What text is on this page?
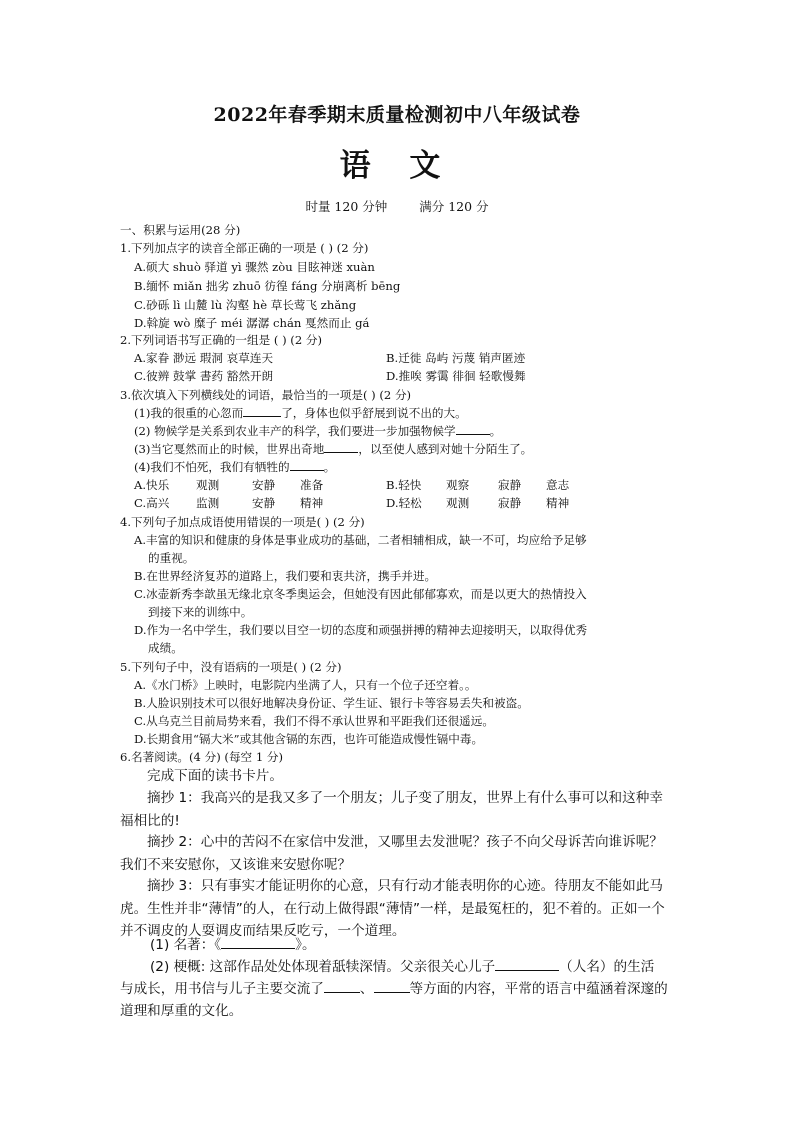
2022年春季期末质量检测初中八年级试卷
语 文
时量 120 分钟	满分 120 分
一、积累与运用(28 分)
1.下列加点字的读音全部正确的一项是 ( ) (2 分)
A.硕大 shuò 驿道 yì 骤然 zòu 目眩神迷 xuàn
B.缅怀 miǎn 拙劣 zhuō 彷徨 fáng 分崩离析 bēng
C.砂砾 lì 山麓 lù 沟壑 hè 草长莺飞 zhǎng
D.斡旋 wò 糜子 méi 潺潺 chán 戛然而止 gá
2.下列词语书写正确的一组是 ( ) (2 分)
A.家眷 渺远 瑕洞 哀草连天	B.迁徙 岛屿 污蔑 销声匿迹
C.彼辨 鼓掌 書药 豁然开朗	D.推唉 雾霭 徘徊 轻歌慢舞
3.依次填入下列横线处的词语，最恰当的一项是( ) (2 分)
(1)我的很重的心忽而	了，身体也似乎舒展到说不出的大。
(2) 物候学是关系到农业丰产的科学，我们要进一步加强物候学	。
(3)当它戛然而止的时候，世界出奇地	，以至使人感到对她十分陌生了。
(4)我们不怕死，我们有牺牲的	。
A.快乐 观测	安静 准备	B.轻快 观察 寂静 意志
C.高兴 监测	安静 精神	D.轻松 观测 寂静 精神
4.下列句子加点成语使用错误的一项是( ) (2 分)
A.丰富的知识和健康的身体是事业成功的基础，二者相辅相成，缺一不可，均应给予足够
的重视。
B.在世界经济复苏的道路上，我们要和衷共济，携手并进。
C.冰壶新秀李歆虽无缘北京冬季奥运会，但她没有因此郁郁寡欢，而是以更大的热情投入
到接下来的训练中。
D.作为一名中学生，我们要以目空一切的态度和顽强拼搏的精神去迎接明天，以取得优秀
成绩。
5.下列句子中，没有语病的一项是( ) (2 分)
A.《水门桥》上映时，电影院内坐满了人，只有一个位子还空着。。
B.人脸识别技术可以很好地解决身份证、学生证、银行卡等容易丢失和被盗。
C.从乌克兰目前局势来看，我们不得不承认世界和平距我们还很遥远。
D.长期食用“镉大米”或其他含镉的东西，也许可能造成慢性镉中毒。
6.名著阅读。(4 分) (每空 1 分)
完成下面的读书卡片。
摘抄 1：我高兴的是我又多了一个朋友；儿子变了朋友，世界上有什么事可以和这种幸福相比的!
摘抄 2：心中的苦闷不在家信中发泄，又哪里去发泄呢？孩子不向父母诉苦向谁诉呢？我们不来安慰你，又该谁来安慰你呢？
摘抄 3：只有事实才能证明你的心意，只有行动才能表明你的心迹。待朋友不能如此马虎。生性并非“薄情”的人，在行动上做得跟“薄情”一样，是最冤枉的，犯不着的。正如一个并不调皮的人耍调皮而结果反吃亏，一个道理。
(1) 名著：《	》。
(2) 梗概: 这部作品处处体现着舐犊深情。父亲很关心儿子	（人名）的生活
与成长，用书信与儿子主要交流了	、	等方面的内容，平常的语言中蕴涵着深邃的
道理和厚重的文化。
